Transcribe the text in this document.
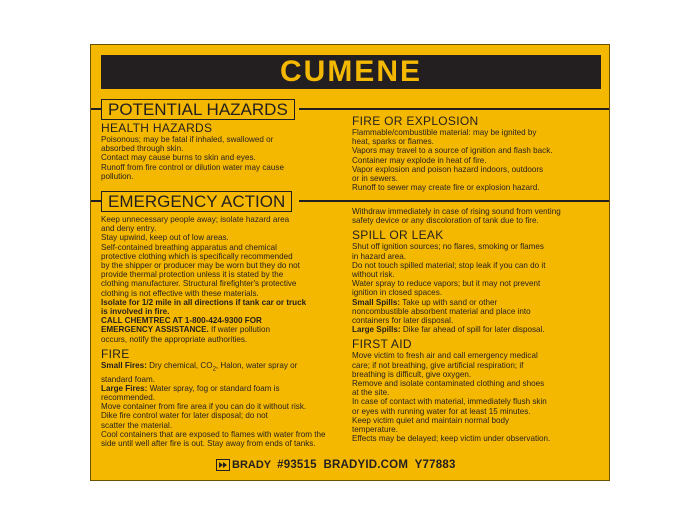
CUMENE
POTENTIAL HAZARDS

HEALTH HAZARDS

Poisonous; may be fatal if inhaled, swallowed or

absorbed through skin.

Contact may cause burns to skin and eyes.

Runoff from fire control or dilution water may cause

pollution.

FIRE OR EXPLOSION

Flammable/combustible material: may be ignited by

heat, sparks or flames.

Vapors may travel to a source of ignition and flash back.

Container may explode in heat of fire.

Vapor explosion and poison hazard indoors, outdoors

or in sewers.

Runoff to sewer may create fire or explosion hazard.

EMERGENCY ACTION

Keep unnecessary people away; isolate hazard area

and deny entry.

Stay upwind, keep out of low areas.

Self-contained breathing apparatus and chemical

protective clothing which is specifically recommended

by the shipper or producer may be worn but they do not

provide thermal protection unless it is stated by the

clothing manufacturer. Structural firefighter's protective

clothing is not effective with these materials.

Isolate for 1/2 mile in all directions if tank car or truck

is involved in fire.

CALL CHEMTREC AT 1-800-424-9300 FOR

EMERGENCY ASSISTANCE. If water pollution

occurs, notify the appropriate authorities.

FIRE

Small Fires: Dry chemical, $CO_2$, Halon, water spray or

standard foam.

Large Fires: Water spray, fog or standard foam is

recommended.

Move container from fire area if you can do it without risk.

Dike fire control water for later disposal; do not

scatter the material.

Cool containers that are exposed to flames with water from the

side until well after fire is out. Stay away from ends of tanks.

Withdraw immediately in case of rising sound from venting

safety device or any discoloration of tank due to fire.

SPILL OR LEAK

Shut off ignition sources; no flares, smoking or flames

in hazard area.

Do not touch spilled material; stop leak if you can do it

without risk.

Water spray to reduce vapors; but it may not prevent

ignition in closed spaces.

Small Spills: Take up with sand or other

noncombustible absorbent material and place into

containers for later disposal.

Large Spills: Dike far ahead of spill for later disposal.

FIRST AID

Move victim to fresh air and call emergency medical

care; if not breathing, give artificial respiration; if

breathing is difficult, give oxygen.

Remove and isolate contaminated clothing and shoes

at the site.

In case of contact with material, immediately flush skin

or eyes with running water for at least 15 minutes.

Keep victim quiet and maintain normal body

temperature.

Effects may be delayed; keep victim under observation.

BRADY #93515  BRADYID.COM  Y77883
